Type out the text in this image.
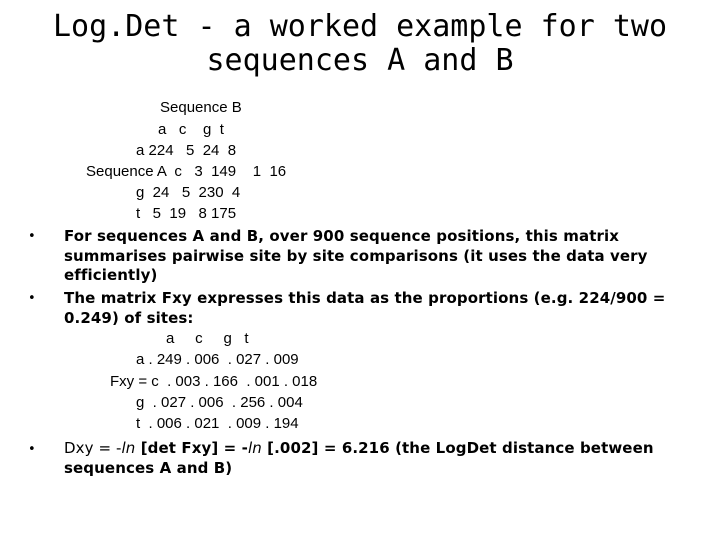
Log.Det - a worked example for two
sequences A and B
Sequence B
a   c    g  t
a 224   5  24  8
Sequence A  c   3  149    1  16
g  24   5  230  4
t   5  19   8 175
• For sequences A and B, over 900 sequence positions, this matrix summarises pairwise site by site comparisons (it uses the data very efficiently)
• The matrix Fxy expresses this data as the proportions (e.g. 224/900 = 0.249) of sites:
a     c     g   t
a . 249 . 006  . 027 . 009
Fxy = c  . 003 . 166  . 001 . 018
g  . 027 . 006  . 256 . 004
t  . 006 . 021  . 009 . 194
• Dxy = -ln [det Fxy] = -ln [.002] = 6.216 (the LogDet distance between sequences A and B)
